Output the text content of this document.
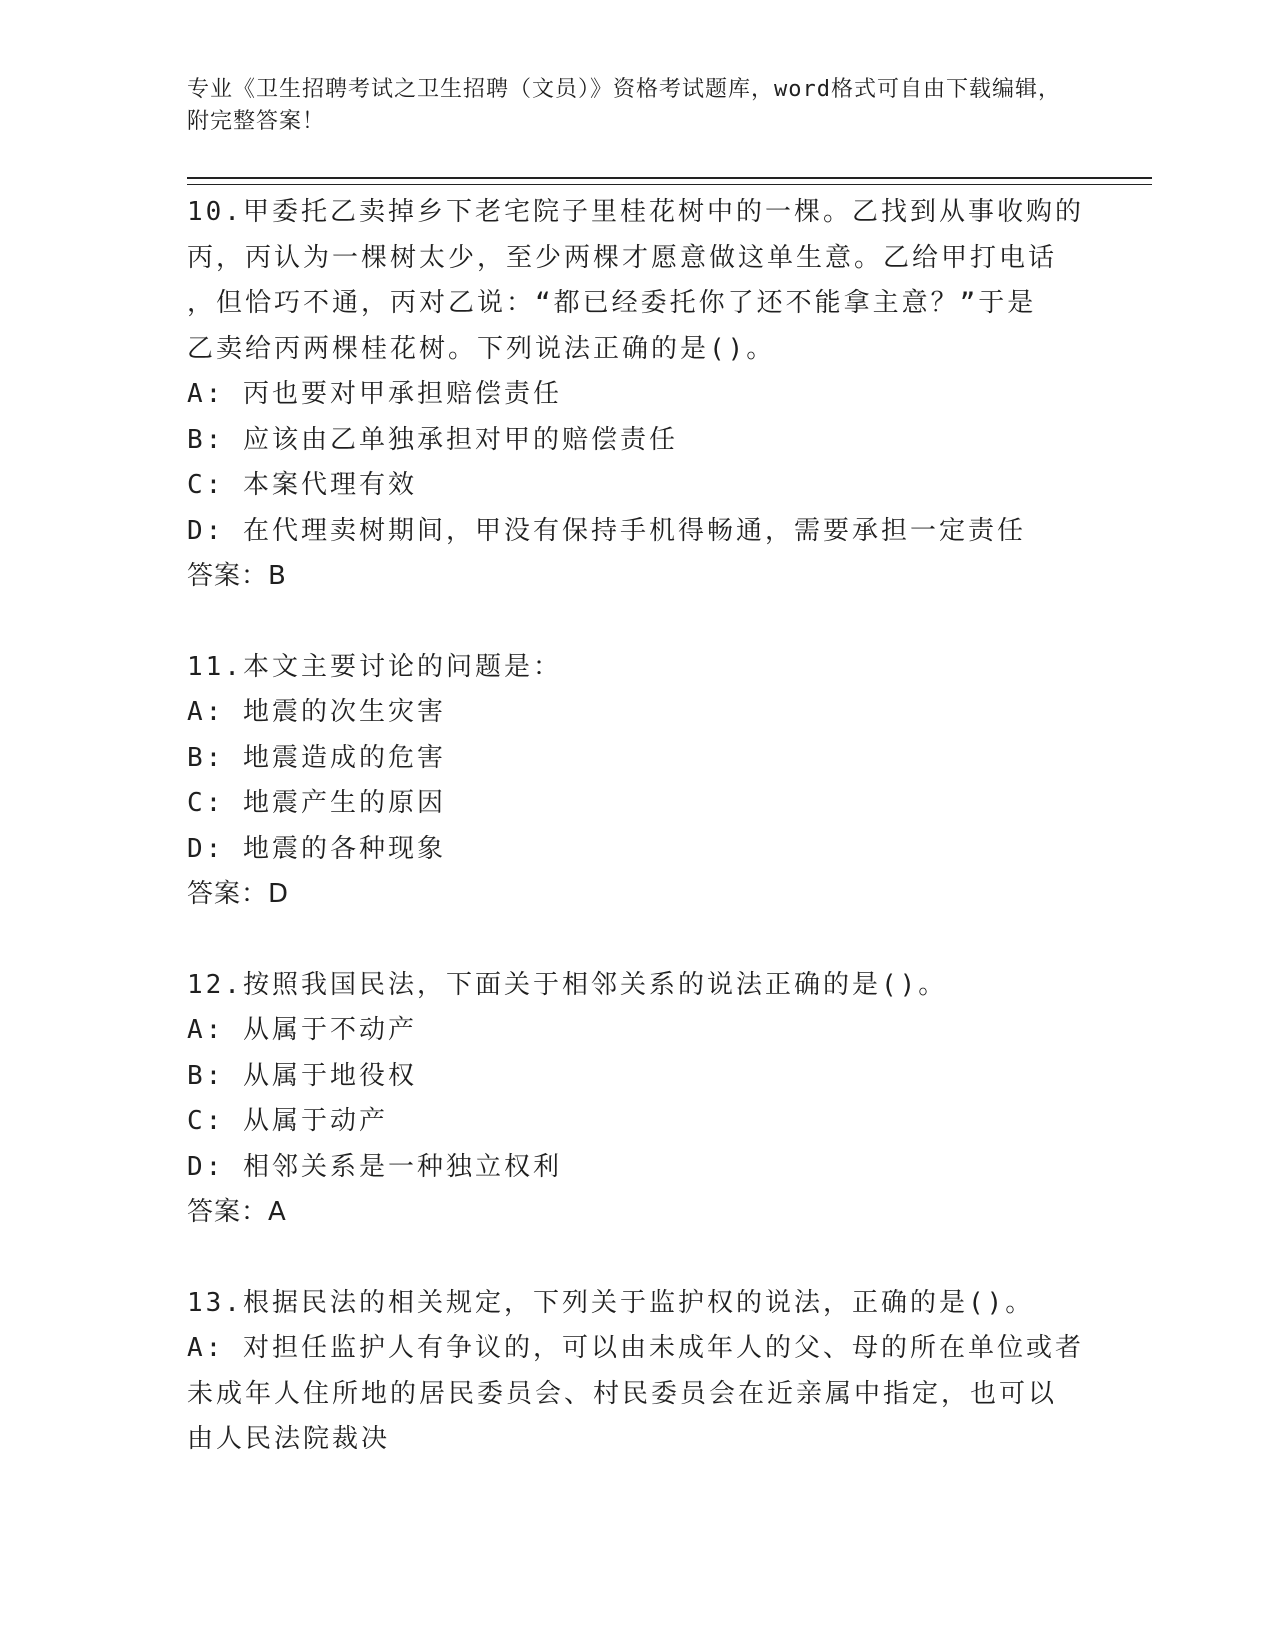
专业《卫生招聘考试之卫生招聘（文员）》资格考试题库，word格式可自由下载编辑，附完整答案！
10.甲委托乙卖掉乡下老宅院子里桂花树中的一棵。乙找到从事收购的
丙，丙认为一棵树太少，至少两棵才愿意做这单生意。乙给甲打电话
，但恰巧不通，丙对乙说：“都已经委托你了还不能拿主意？”于是
乙卖给丙两棵桂花树。下列说法正确的是()。
A: 丙也要对甲承担赔偿责任
B: 应该由乙单独承担对甲的赔偿责任
C: 本案代理有效
D: 在代理卖树期间，甲没有保持手机得畅通，需要承担一定责任
答案：B
11.本文主要讨论的问题是：
A: 地震的次生灾害
B: 地震造成的危害
C: 地震产生的原因
D: 地震的各种现象
答案：D
12.按照我国民法，下面关于相邻关系的说法正确的是()。
A: 从属于不动产
B: 从属于地役权
C: 从属于动产
D: 相邻关系是一种独立权利
答案：A
13.根据民法的相关规定，下列关于监护权的说法，正确的是()。
A: 对担任监护人有争议的，可以由未成年人的父、母的所在单位或者
未成年人住所地的居民委员会、村民委员会在近亲属中指定，也可以
由人民法院裁决
